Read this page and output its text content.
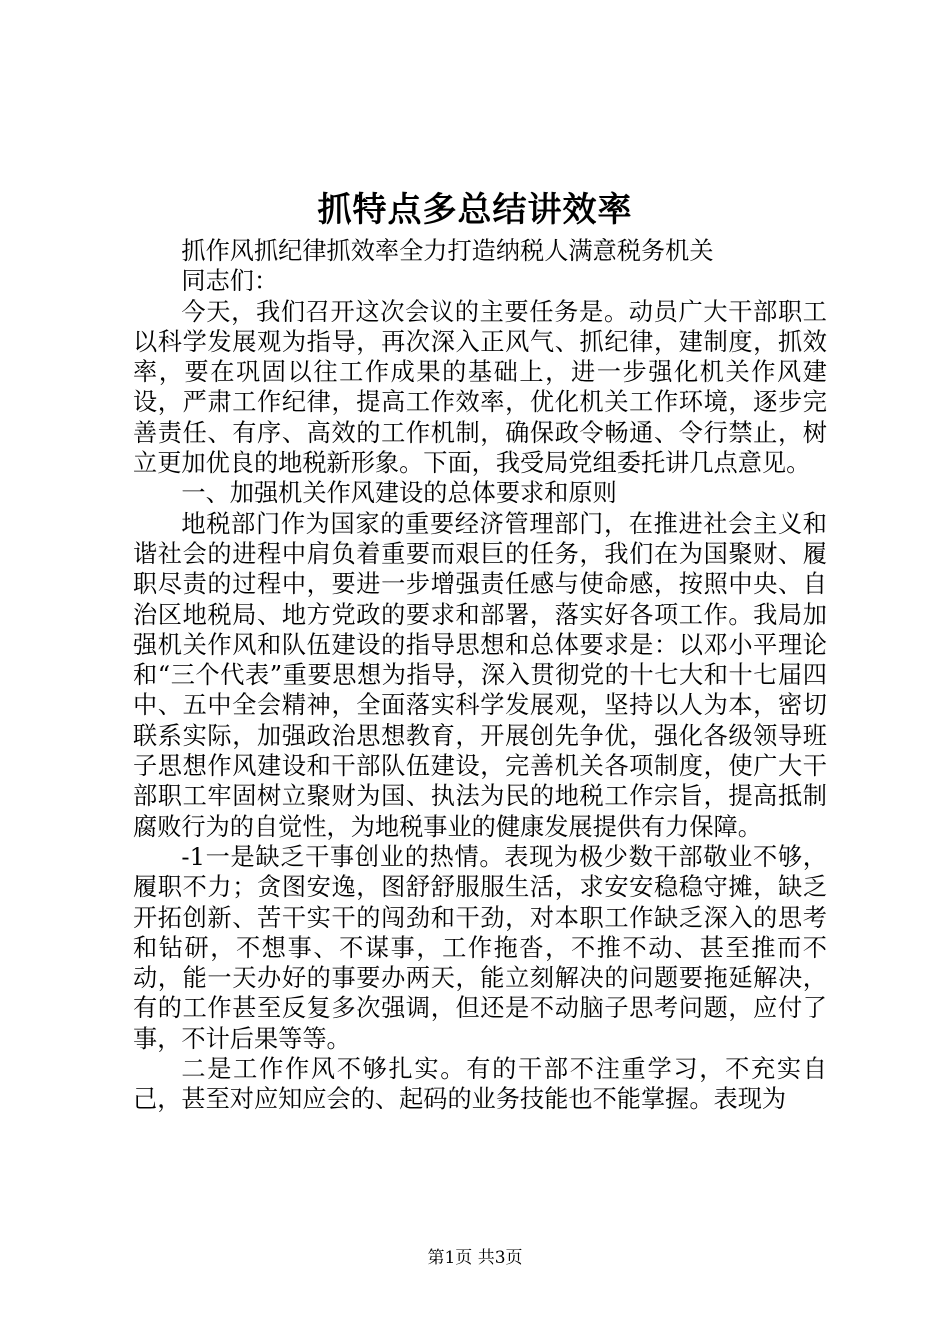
抓特点多总结讲效率

抓作风抓纪律抓效率全力打造纳税人满意税务机关

同志们：

今天，我们召开这次会议的主要任务是。动员广大干部职工以科学发展观为指导，再次深入正风气、抓纪律，建制度，抓效率，要在巩固以往工作成果的基础上，进一步强化机关作风建设，严肃工作纪律，提高工作效率，优化机关工作环境，逐步完善责任、有序、高效的工作机制，确保政令畅通、令行禁止，树立更加优良的地税新形象。下面，我受局党组委托讲几点意见。

一、加强机关作风建设的总体要求和原则

地税部门作为国家的重要经济管理部门，在推进社会主义和谐社会的进程中肩负着重要而艰巨的任务，我们在为国聚财、履职尽责的过程中，要进一步增强责任感与使命感，按照中央、自治区地税局、地方党政的要求和部署，落实好各项工作。我局加强机关作风和队伍建设的指导思想和总体要求是：以邓小平理论和“三个代表”重要思想为指导，深入贯彻党的十七大和十七届四中、五中全会精神，全面落实科学发展观，坚持以人为本，密切联系实际，加强政治思想教育，开展创先争优，强化各级领导班子思想作风建设和干部队伍建设，完善机关各项制度，使广大干部职工牢固树立聚财为国、执法为民的地税工作宗旨，提高抵制腐败行为的自觉性，为地税事业的健康发展提供有力保障。

-1一是缺乏干事创业的热情。表现为极少数干部敬业不够，履职不力；贪图安逸，图舒舒服服生活，求安安稳稳守摊，缺乏开拓创新、苦干实干的闯劲和干劲，对本职工作缺乏深入的思考和钻研，不想事、不谋事，工作拖沓，不推不动、甚至推而不动，能一天办好的事要办两天，能立刻解决的问题要拖延解决，有的工作甚至反复多次强调，但还是不动脑子思考问题，应付了事，不计后果等等。

二是工作作风不够扎实。有的干部不注重学习，不充实自己，甚至对应知应会的、起码的业务技能也不能掌握。表现为

第1页 共3页
